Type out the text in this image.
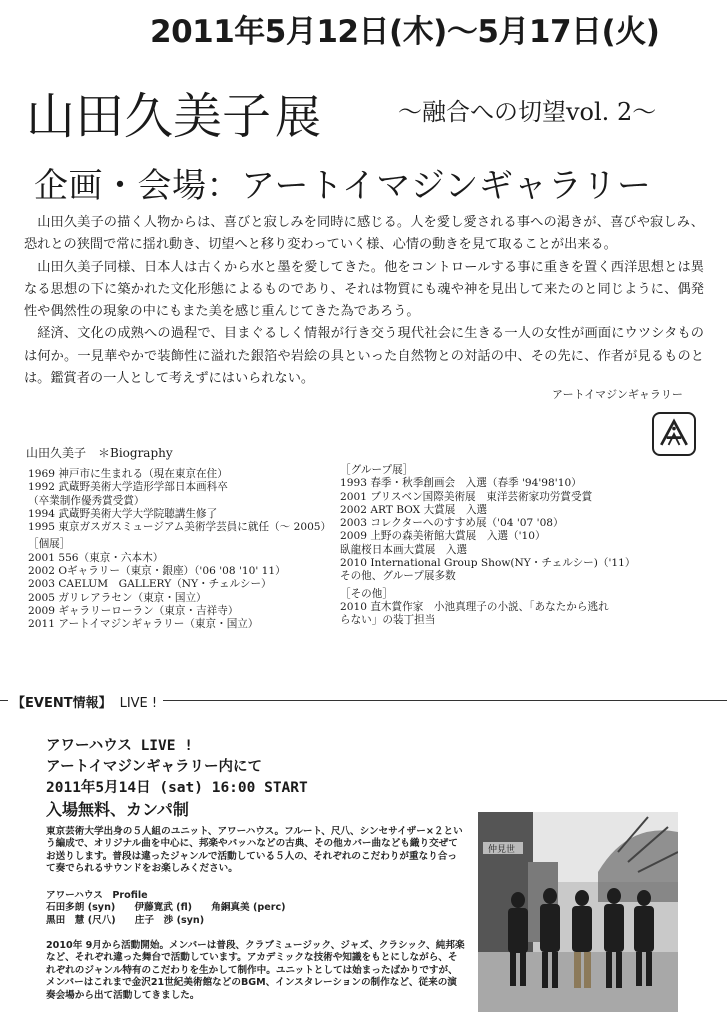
2011年5月12日(木)〜5月17日(火)
山田久美子展	〜融合への切望vol. 2〜
企画・会場：アートイマジンギャラリー

山田久美子の描く人物からは、喜びと寂しみを同時に感じる。人を愛し愛される事への渇きが、喜びや寂しみ、恐れとの狭間で常に揺れ動き、切望へと移り変わっていく様、心情の動きを見て取ることが出来る。

山田久美子同様、日本人は古くから水と墨を愛してきた。他をコントロールする事に重きを置く西洋思想とは異なる思想の下に築かれた文化形態によるものであり、それは物質にも魂や神を見出して来たのと同じように、偶発性や偶然性の現象の中にもまた美を感じ重んじてきた為であろう。

経済、文化の成熟への過程で、目まぐるしく情報が行き交う現代社会に生きる一人の女性が画面にウツシタものは何か。一見華やかで装飾性に溢れた銀箔や岩絵の具といった自然物との対話の中、その先に、作者が見るものとは。鑑賞者の一人として考えずにはいられない。

アートイマジンギャラリー
山田久美子　＊Biography
1969 神戸市に生まれる（現在東京在住）
1992 武蔵野美術大学造形学部日本画科卒
（卒業制作優秀賞受賞）
1994 武蔵野美術大学大学院聴講生修了
1995 東京ガスガスミュージアム美術学芸員に就任（〜 2005）
［個展］
2001 556（東京・六本木）
2002 Oギャラリー（東京・銀座）（'06 '08 '10' 11）
2003 CAELUM　GALLERY（NY・チェルシー）
2005 ガリレアラセン（東京・国立）
2009 ギャラリーローラン（東京・吉祥寺）
2011 アートイマジンギャラリー（東京・国立）
［グループ展］
1993 春季・秋季創画会　入選（春季 '94'98'10）
2001 ブリスベン国際美術展　東洋芸術家功労賞受賞
2002 ART BOX 大賞展　入選
2003 コレクターへのすすめ展（'04 '07 '08）
2009 上野の森美術館大賞展　入選（'10）
臥龍桜日本画大賞展　入選
2010 International Group Show(NY・チェルシー)（'11）
その他、グループ展多数
［その他］
2010 直木賞作家　小池真理子の小説、「あなたから逃れ
らない」の装丁担当
【EVENT情報】 LIVE !
アワーハウス LIVE !
アートイマジンギャラリー内にて
2011年5月14日 (sat) 16:00 START
入場無料、カンパ制
東京芸術大学出身の５人組のユニット、アワーハウス。フルート、尺八、シンセサイザー×２という編成で、オリジナル曲を中心に、邦楽やバッハなどの古典、その他カバー曲なども織り交ぜてお送りします。普段は違ったジャンルで活動している５人の、それぞれのこだわりが重なり合って奏でられるサウンドをお楽しみください。
アワーハウス　Profile
石田多朗 (syn)　　伊藤寛武 (fl)　　角銅真美 (perc)
黒田　慧 (尺八)　　庄子　渉 (syn)
2010年 9月から活動開始。メンバーは普段、クラブミュージック、ジャズ、クラシック、純邦楽など、それぞれ違った舞台で活動しています。アカデミックな技術や知識をもとにしながら、それぞれのジャンル特有のこだわりを生かして制作中。ユニットとしては始まったばかりですが、メンバーはこれまで金沢21世紀美術館などのBGM、インスタレーションの制作など、従来の演奏会場から出て活動してきました。
仲見世
